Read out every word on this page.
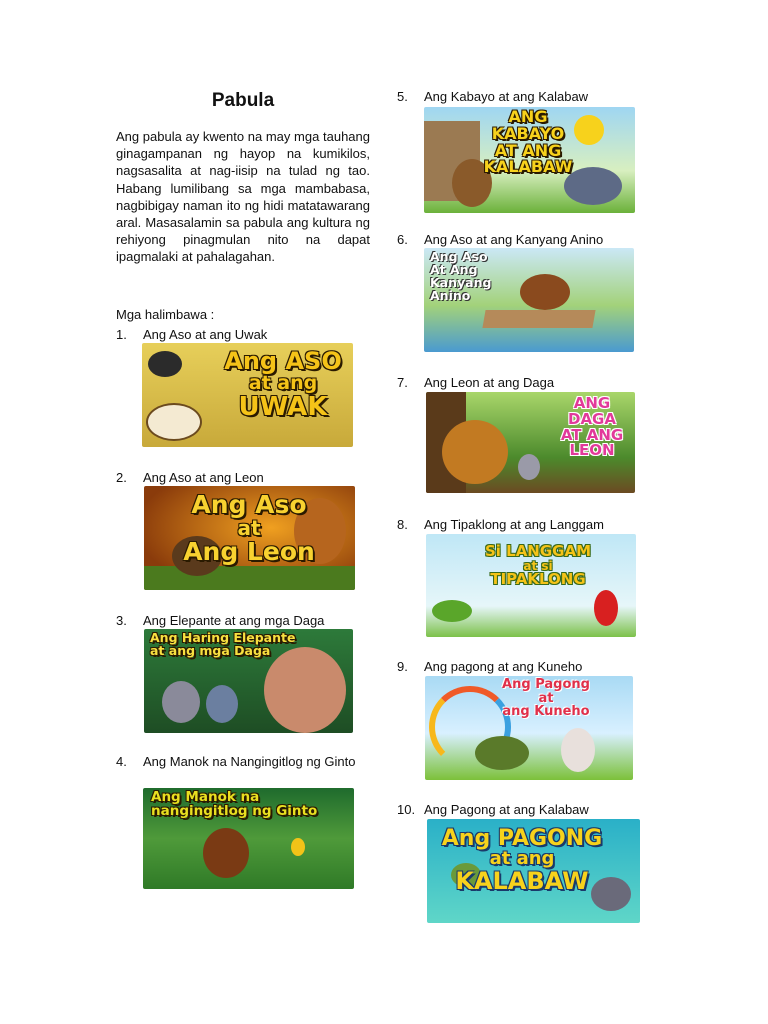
Pabula
Ang pabula ay kwento na may mga tauhang ginagampanan ng hayop na kumikilos, nagsasalita at nag-iisip na tulad ng tao. Habang lumilibang sa mga mambabasa, nagbibigay naman ito ng hidi matatawarang aral. Masasalamin sa pabula ang kultura ng rehiyong pinagmulan nito na dapat ipagmalaki at pahalagahan.
Mga halimbawa :
1. Ang Aso at ang Uwak
Ang ASO
at ang
UWAK
2. Ang Aso at ang Leon
Ang Aso
at
Ang Leon
3. Ang Elepante at ang mga Daga
Ang Haring Elepante
at ang mga Daga
4. Ang Manok na Nangingitlog ng Ginto
Ang Manok na
nangingitlog ng Ginto
5. Ang Kabayo at ang Kalabaw
ANG
KABAYO
AT ANG
KALABAW
6. Ang Aso at ang Kanyang Anino
Ang Aso
At Ang
Kanyang
Anino
7. Ang Leon at ang Daga
ANG
DAGA
AT ANG
LEON
8. Ang Tipaklong at ang Langgam
Si LANGGAM
at si
TIPAKLONG
9. Ang pagong at ang Kuneho
Ang Pagong
at
ang Kuneho
10. Ang Pagong at ang Kalabaw
Ang PAGONG
at ang
KALABAW
